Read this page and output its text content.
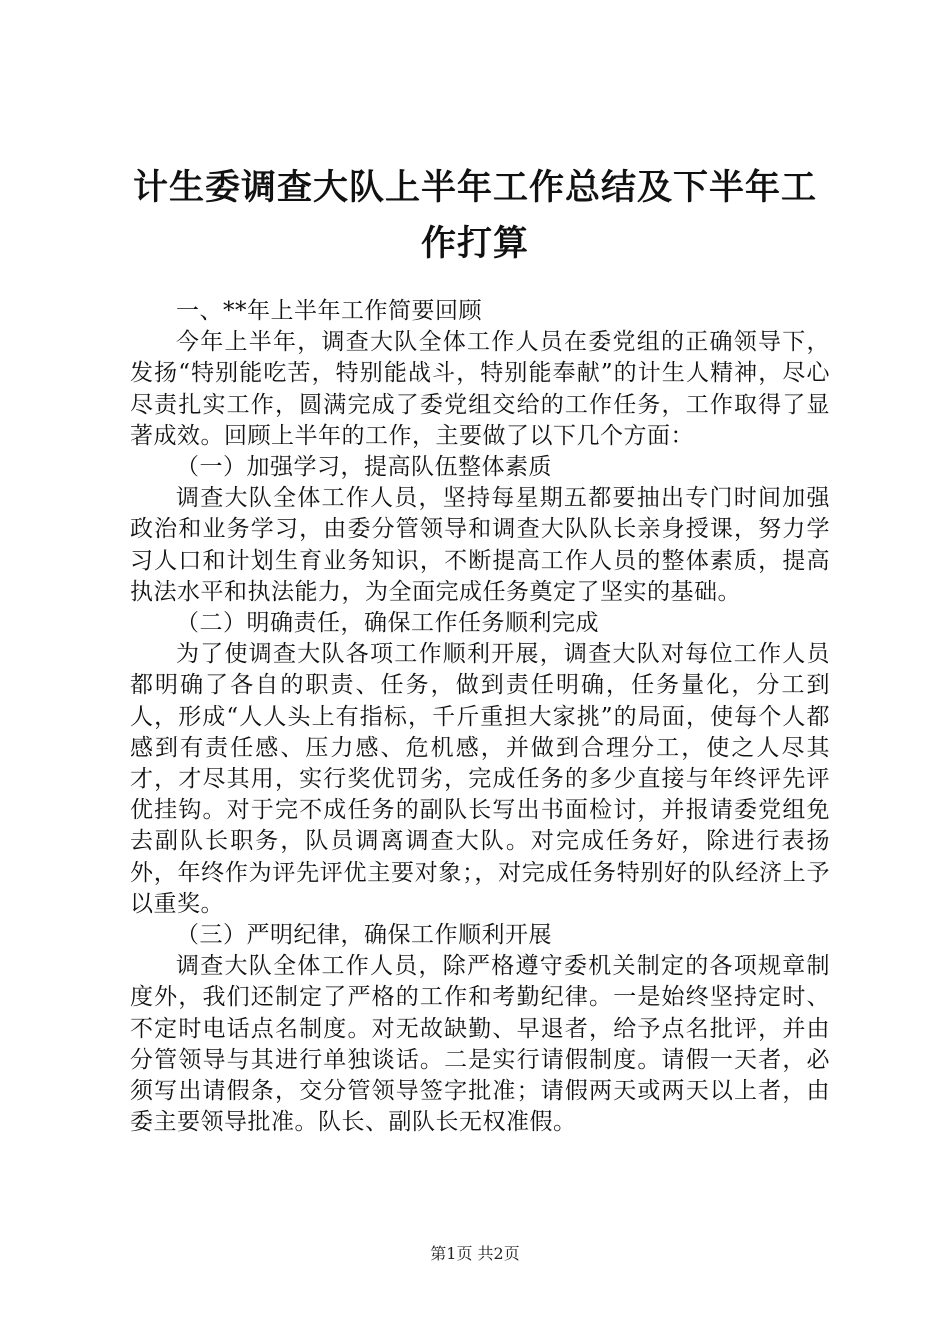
计生委调查大队上半年工作总结及下半年工作打算

一、**年上半年工作简要回顾

今年上半年，调查大队全体工作人员在委党组的正确领导下，发扬“特别能吃苦，特别能战斗，特别能奉献”的计生人精神，尽心尽责扎实工作，圆满完成了委党组交给的工作任务，工作取得了显著成效。回顾上半年的工作，主要做了以下几个方面：

（一）加强学习，提高队伍整体素质

调查大队全体工作人员，坚持每星期五都要抽出专门时间加强政治和业务学习，由委分管领导和调查大队队长亲身授课，努力学习人口和计划生育业务知识，不断提高工作人员的整体素质，提高执法水平和执法能力，为全面完成任务奠定了坚实的基础。

（二）明确责任，确保工作任务顺利完成

为了使调查大队各项工作顺利开展，调查大队对每位工作人员都明确了各自的职责、任务，做到责任明确，任务量化，分工到人，形成“人人头上有指标，千斤重担大家挑”的局面，使每个人都感到有责任感、压力感、危机感，并做到合理分工，使之人尽其才，才尽其用，实行奖优罚劣，完成任务的多少直接与年终评先评优挂钩。对于完不成任务的副队长写出书面检讨，并报请委党组免去副队长职务，队员调离调查大队。对完成任务好，除进行表扬外，年终作为评先评优主要对象；，对完成任务特别好的队经济上予以重奖。

（三）严明纪律，确保工作顺利开展

调查大队全体工作人员，除严格遵守委机关制定的各项规章制度外，我们还制定了严格的工作和考勤纪律。一是始终坚持定时、不定时电话点名制度。对无故缺勤、早退者，给予点名批评，并由分管领导与其进行单独谈话。二是实行请假制度。请假一天者，必须写出请假条，交分管领导签字批准；请假两天或两天以上者，由委主要领导批准。队长、副队长无权准假。

第1页 共2页
